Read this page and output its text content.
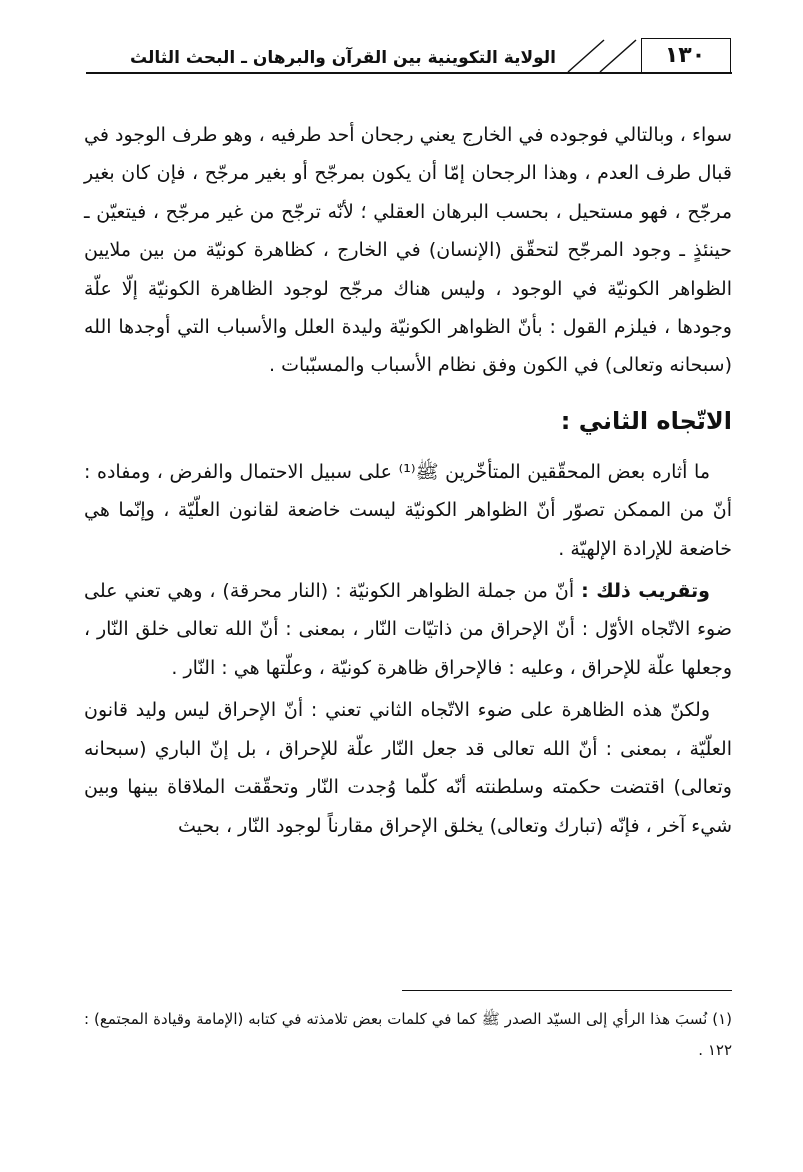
١٣٠
الولاية التكوينية بين القرآن والبرهان ـ البحث الثالث

سواء ، وبالتالي فوجوده في الخارج يعني رجحان أحد طرفيه ، وهو طرف الوجود في قبال طرف العدم ، وهذا الرجحان إمّا أن يكون بمرجّح أو بغير مرجّح ، فإن كان بغير مرجّح ، فهو مستحيل ، بحسب البرهان العقلي ؛ لأنّه ترجّح من غير مرجّح ، فيتعيّن ـ حينئذٍ ـ وجود المرجّح لتحقّق (الإنسان) في الخارج ، كظاهرة كونيّة من بين ملايين الظواهر الكونيّة في الوجود ، وليس هناك مرجّح لوجود الظاهرة الكونيّة إلّا علّة وجودها ، فيلزم القول : بأنّ الظواهر الكونيّة وليدة العلل والأسباب التي أوجدها الله (سبحانه وتعالى) في الكون وفق نظام الأسباب والمسبّبات .

الاتّجاه الثاني :

ما أثاره بعض المحقّقين المتأخّرين ﷺ⁽¹⁾ على سبيل الاحتمال والفرض ، ومفاده : أنّ من الممكن تصوّر أنّ الظواهر الكونيّة ليست خاضعة لقانون العلّيّة ، وإنّما هي خاضعة للإرادة الإلهيّة .

وتقريب ذلك : أنّ من جملة الظواهر الكونيّة : (النار محرقة) ، وهي تعني على ضوء الاتّجاه الأوّل : أنّ الإحراق من ذاتيّات النّار ، بمعنى : أنّ الله تعالى خلق النّار ، وجعلها علّة للإحراق ، وعليه : فالإحراق ظاهرة كونيّة ، وعلّتها هي : النّار .

ولكنّ هذه الظاهرة على ضوء الاتّجاه الثاني تعني : أنّ الإحراق ليس وليد قانون العلّيّة ، بمعنى : أنّ الله تعالى قد جعل النّار علّة للإحراق ، بل إنّ الباري (سبحانه وتعالى) اقتضت حكمته وسلطنته أنّه كلّما وُجدت النّار وتحقّقت الملاقاة بينها وبين شيء آخر ، فإنّه (تبارك وتعالى) يخلق الإحراق مقارناً لوجود النّار ، بحيث

(١) نُسبَ هذا الرأي إلى السيّد الصدر ﷺ كما في كلمات بعض تلامذته في كتابه (الإمامة وقيادة المجتمع) : ١٢٢ .
